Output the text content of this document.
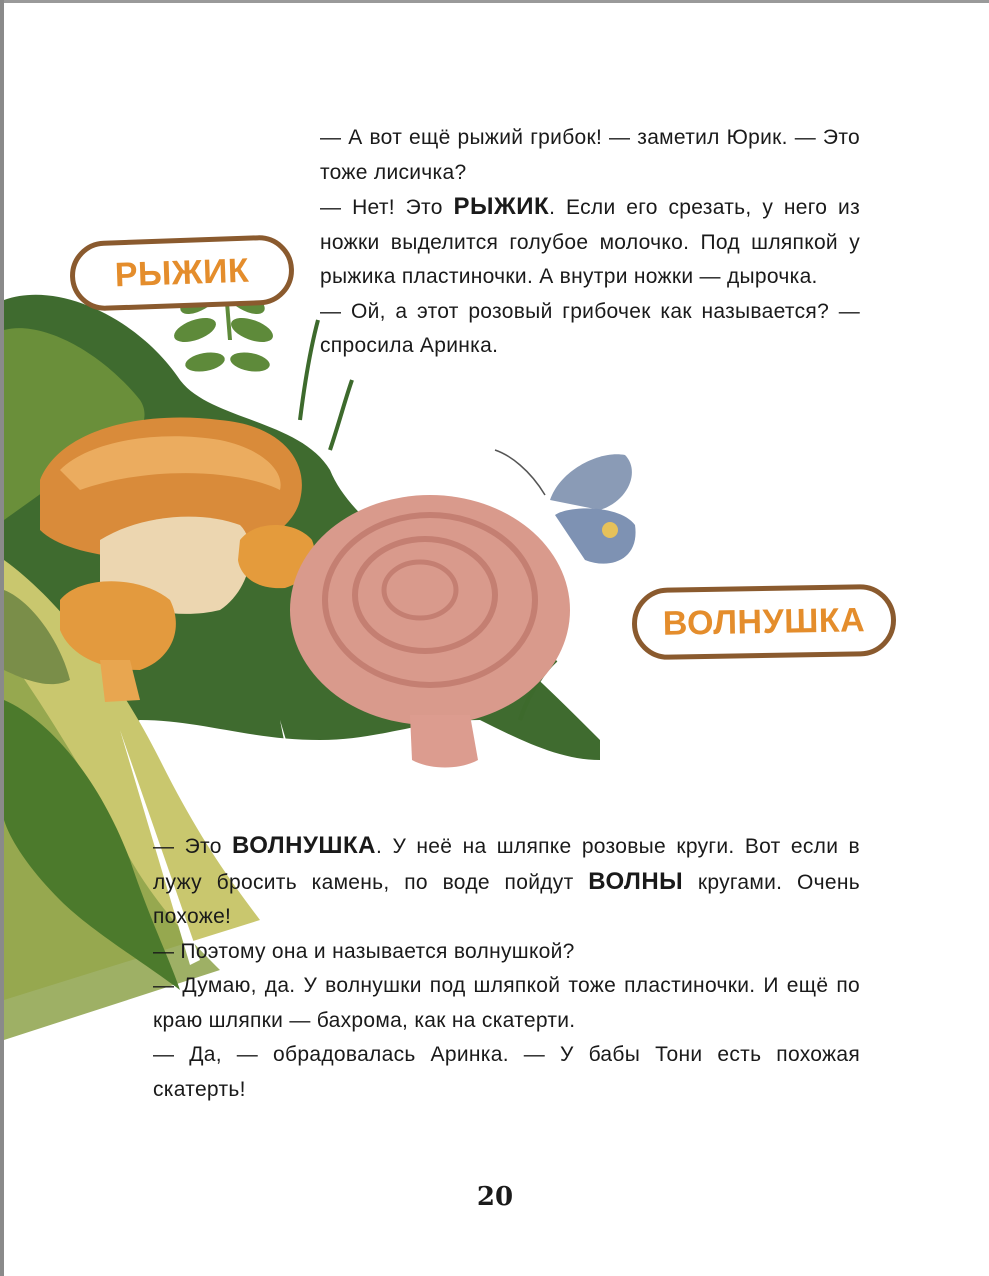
РЫЖИК
ВОЛНУШКА

— А вот ещё рыжий грибок! — заметил Юрик. — Это тоже лисичка?

— Нет! Это РЫЖИК. Если его срезать, у него из ножки выделится голубое молочко. Под шляпкой у рыжика пластиночки. А внутри ножки — дырочка.

— Ой, а этот розовый грибочек как называется? — спросила Аринка.

— Это ВОЛНУШКА. У неё на шляпке розовые круги. Вот если в лужу бросить камень, по воде пойдут ВОЛНЫ кругами. Очень похоже!

— Поэтому она и называется волнушкой?

— Думаю, да. У волнушки под шляпкой тоже пластиночки. И ещё по краю шляпки — бахрома, как на скатерти.

— Да, — обрадовалась Аринка. — У бабы Тони есть похожая скатерть!

20
